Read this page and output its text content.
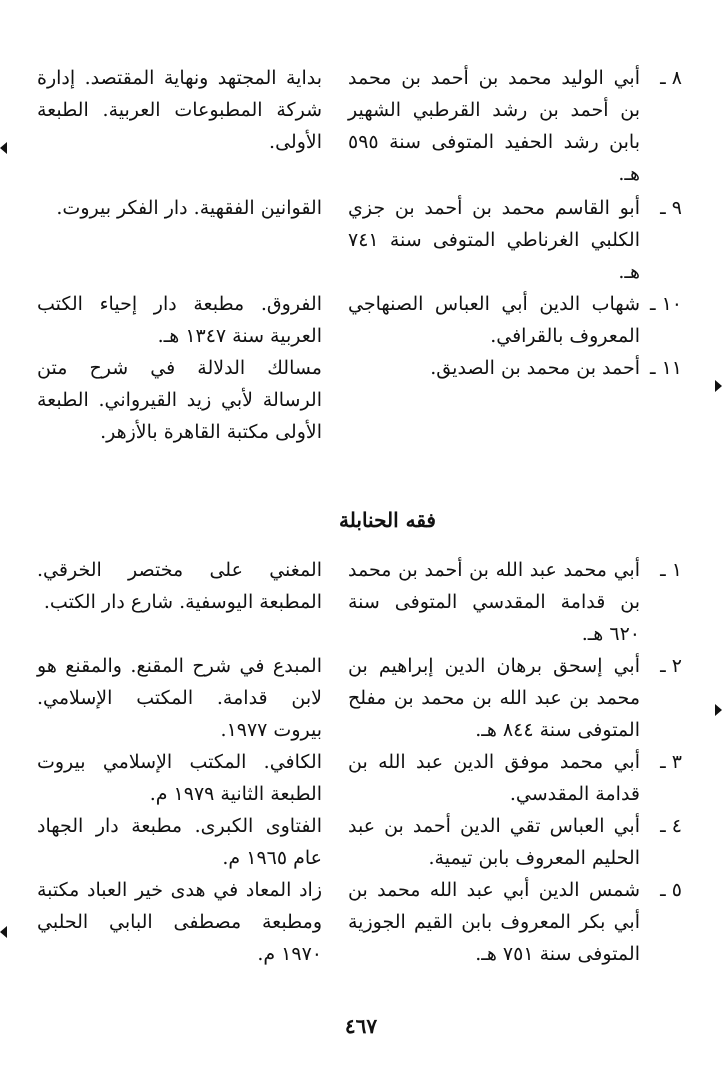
٨ ـ
أبي الوليد محمد بن أحمد بن محمد بن أحمد بن رشد القرطبي الشهير بابن رشد الحفيد المتوفى سنة ٥٩٥ هـ.
بداية المجتهد ونهاية المقتصد. إدارة شركة المطبوعات العربية. الطبعة الأولى.
٩ ـ
أبو القاسم محمد بن أحمد بن جزي الكلبي الغرناطي المتوفى سنة ٧٤١ هـ.
القوانين الفقهية. دار الفكر بيروت.
١٠ ـ
شهاب الدين أبي العباس الصنهاجي المعروف بالقرافي.
الفروق. مطبعة دار إحياء الكتب العربية سنة ١٣٤٧ هـ.
١١ ـ
أحمد بن محمد بن الصديق.
مسالك الدلالة في شرح متن الرسالة لأبي زيد القيرواني. الطبعة الأولى مكتبة القاهرة بالأزهر.
فقه الحنابلة
١ ـ
أبي محمد عبد الله بن أحمد بن محمد بن قدامة المقدسي المتوفى سنة ٦٢٠ هـ.
المغني على مختصر الخرقي. المطبعة اليوسفية. شارع دار الكتب.
٢ ـ
أبي إسحق برهان الدين إبراهيم بن محمد بن عبد الله بن محمد بن مفلح المتوفى سنة ٨٤٤ هـ.
المبدع في شرح المقنع. والمقنع هو لابن قدامة. المكتب الإسلامي. بيروت ١٩٧٧.
٣ ـ
أبي محمد موفق الدين عبد الله بن قدامة المقدسي.
الكافي. المكتب الإسلامي بيروت الطبعة الثانية ١٩٧٩ م.
٤ ـ
أبي العباس تقي الدين أحمد بن عبد الحليم المعروف بابن تيمية.
الفتاوى الكبرى. مطبعة دار الجهاد عام ١٩٦٥ م.
٥ ـ
شمس الدين أبي عبد الله محمد بن أبي بكر المعروف بابن القيم الجوزية المتوفى سنة ٧٥١ هـ.
زاد المعاد في هدى خير العباد مكتبة ومطبعة مصطفى البابي الحلبي ١٩٧٠ م.
٤٦٧
